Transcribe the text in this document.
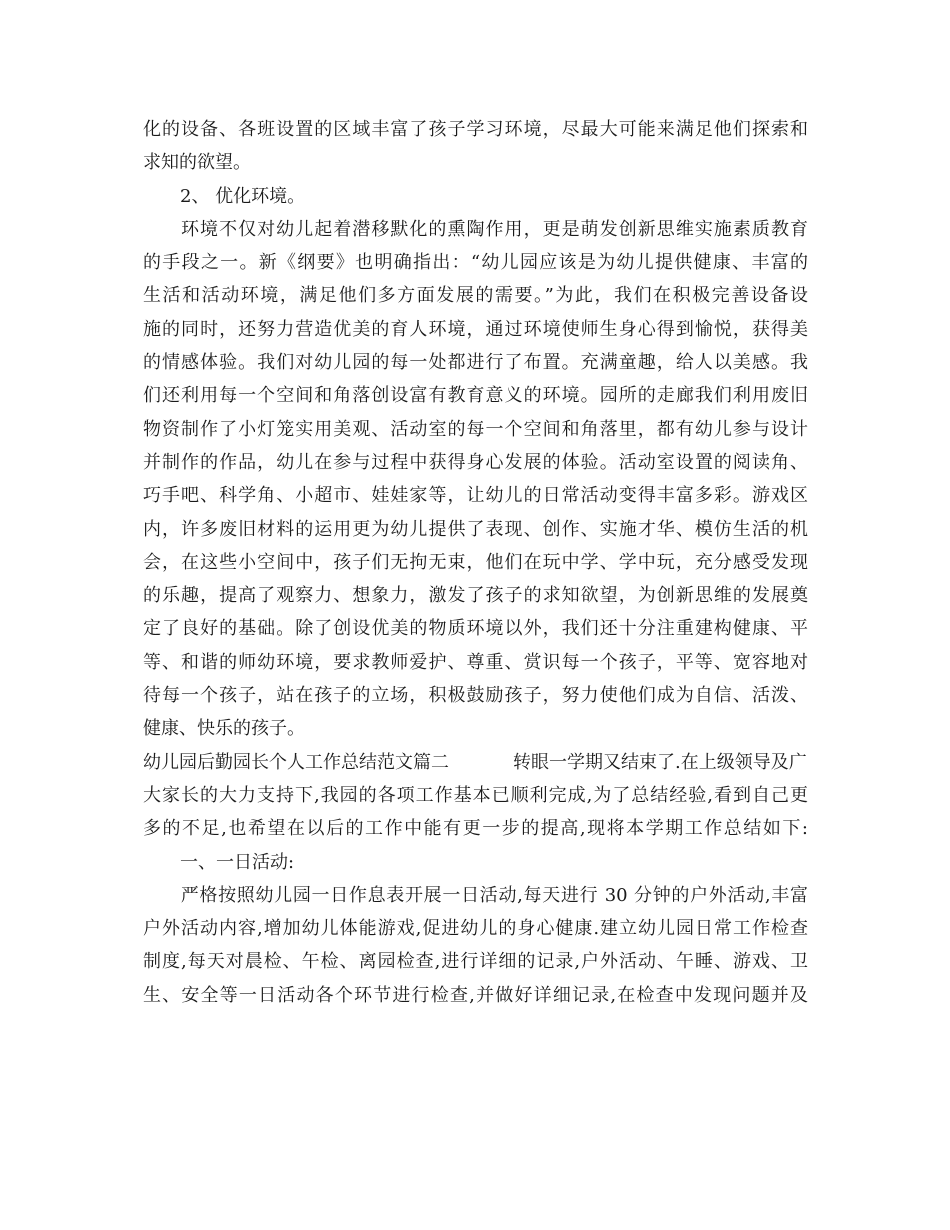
化的设备、各班设置的区域丰富了孩子学习环境，尽最大可能来满足他们探索和
求知的欲望。
2、 优化环境。
环境不仅对幼儿起着潜移默化的熏陶作用，更是萌发创新思维实施素质教育
的手段之一。新《纲要》也明确指出：“幼儿园应该是为幼儿提供健康、丰富的
生活和活动环境，满足他们多方面发展的需要。”为此，我们在积极完善设备设
施的同时，还努力营造优美的育人环境，通过环境使师生身心得到愉悦，获得美
的情感体验。我们对幼儿园的每一处都进行了布置。充满童趣，给人以美感。我
们还利用每一个空间和角落创设富有教育意义的环境。园所的走廊我们利用废旧
物资制作了小灯笼实用美观、活动室的每一个空间和角落里，都有幼儿参与设计
并制作的作品，幼儿在参与过程中获得身心发展的体验。活动室设置的阅读角、
巧手吧、科学角、小超市、娃娃家等，让幼儿的日常活动变得丰富多彩。游戏区
内，许多废旧材料的运用更为幼儿提供了表现、创作、实施才华、模仿生活的机
会，在这些小空间中，孩子们无拘无束，他们在玩中学、学中玩，充分感受发现
的乐趣，提高了观察力、想象力，激发了孩子的求知欲望，为创新思维的发展奠
定了良好的基础。除了创设优美的物质环境以外，我们还十分注重建构健康、平
等、和谐的师幼环境，要求教师爱护、尊重、赏识每一个孩子，平等、宽容地对
待每一个孩子，站在孩子的立场，积极鼓励孩子，努力使他们成为自信、活泼、
健康、快乐的孩子。
幼儿园后勤园长个人工作总结范文篇二	转眼一学期又结束了.在上级领导及广
大家长的大力支持下,我园的各项工作基本已顺利完成,为了总结经验,看到自己更
多的不足,也希望在以后的工作中能有更一步的提高,现将本学期工作总结如下:
一、一日活动:
严格按照幼儿园一日作息表开展一日活动,每天进行 30 分钟的户外活动,丰富
户外活动内容,增加幼儿体能游戏,促进幼儿的身心健康.建立幼儿园日常工作检查
制度,每天对晨检、午检、离园检查,进行详细的记录,户外活动、午睡、游戏、卫
生、安全等一日活动各个环节进行检查,并做好详细记录,在检查中发现问题并及
